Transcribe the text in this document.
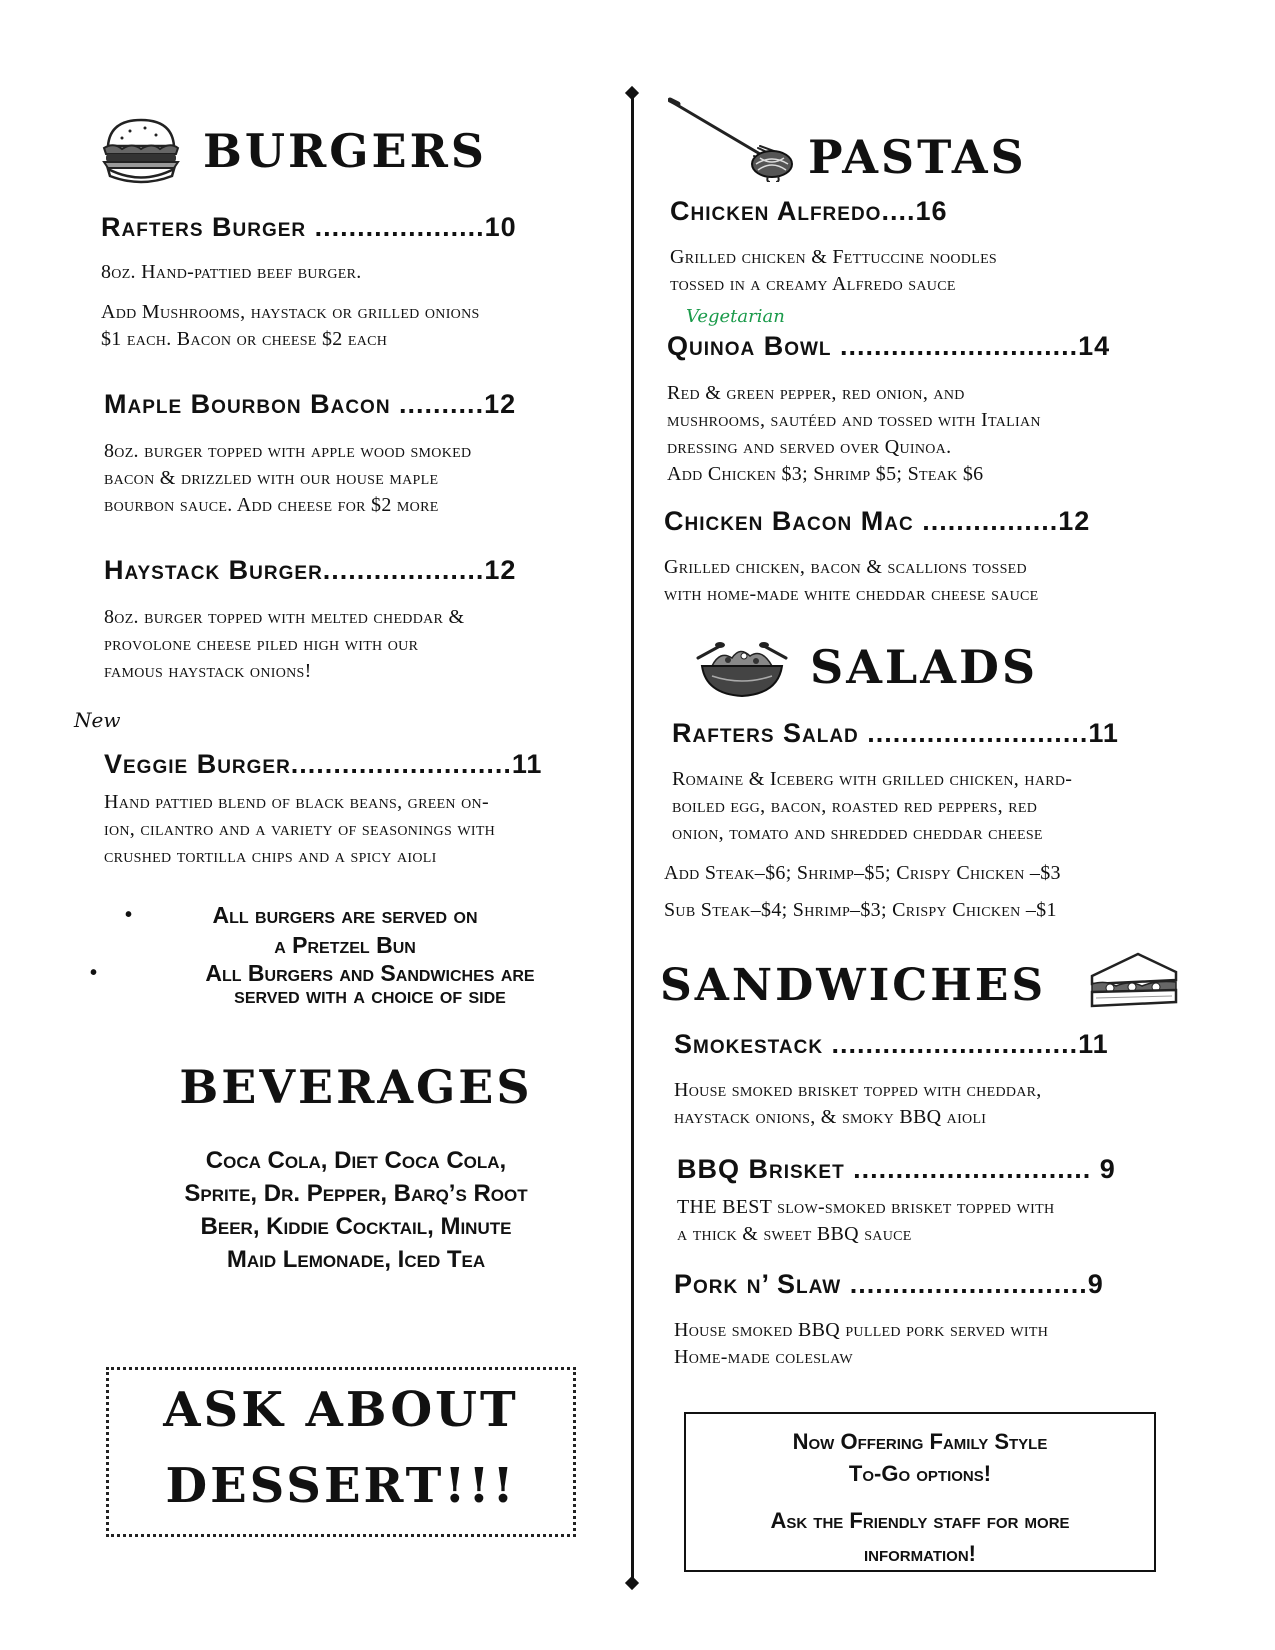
BURGERS
Rafters Burger ....................10
8oz. Hand-pattied beef burger.
Add Mushrooms, haystack or grilled onions
$1 each. Bacon or cheese $2 each
Maple Bourbon Bacon ..........12
8oz. burger topped with apple wood smoked
bacon & drizzled with our house maple
bourbon sauce. Add cheese for $2 more
Haystack Burger...................12
8oz. burger topped with melted cheddar &
provolone cheese piled high with our
famous haystack onions!
New
Veggie Burger..........................11
Hand pattied blend of black beans, green on-
ion, cilantro and a variety of seasonings with
crushed tortilla chips and a spicy aioli
•	All burgers are served on
a Pretzel Bun
•	All Burgers and Sandwiches are
served with a choice of side
BEVERAGES
Coca Cola, Diet Coca Cola,
Sprite, Dr. Pepper, Barq’s Root
Beer, Kiddie Cocktail, Minute
Maid Lemonade, Iced Tea
ASK ABOUT
DESSERT!!!
PASTAS
Chicken Alfredo....16
Grilled chicken & Fettuccine noodles
tossed in a creamy Alfredo sauce
Vegetarian
Quinoa Bowl ............................14
Red & green pepper, red onion, and
mushrooms, sautéed and tossed with Italian
dressing and served over Quinoa.
Add Chicken $3; Shrimp $5; Steak $6
Chicken Bacon Mac ................12
Grilled chicken, bacon & scallions tossed
with home-made white cheddar cheese sauce
SALADS
Rafters Salad ..........................11
Romaine & Iceberg with grilled chicken, hard-
boiled egg, bacon, roasted red peppers, red
onion, tomato and shredded cheddar cheese
Add Steak–$6; Shrimp–$5; Crispy Chicken –$3
Sub Steak–$4; Shrimp–$3; Crispy Chicken –$1
SANDWICHES
Smokestack .............................11
House smoked brisket topped with cheddar,
haystack onions, & smoky BBQ aioli
BBQ Brisket ............................ 9
THE BEST slow-smoked brisket topped with
a thick & sweet BBQ sauce
Pork n’ Slaw ............................9
House smoked BBQ pulled pork served with
Home-made coleslaw
Now Offering Family Style
To-Go options!
Ask the Friendly staff for more
information!
